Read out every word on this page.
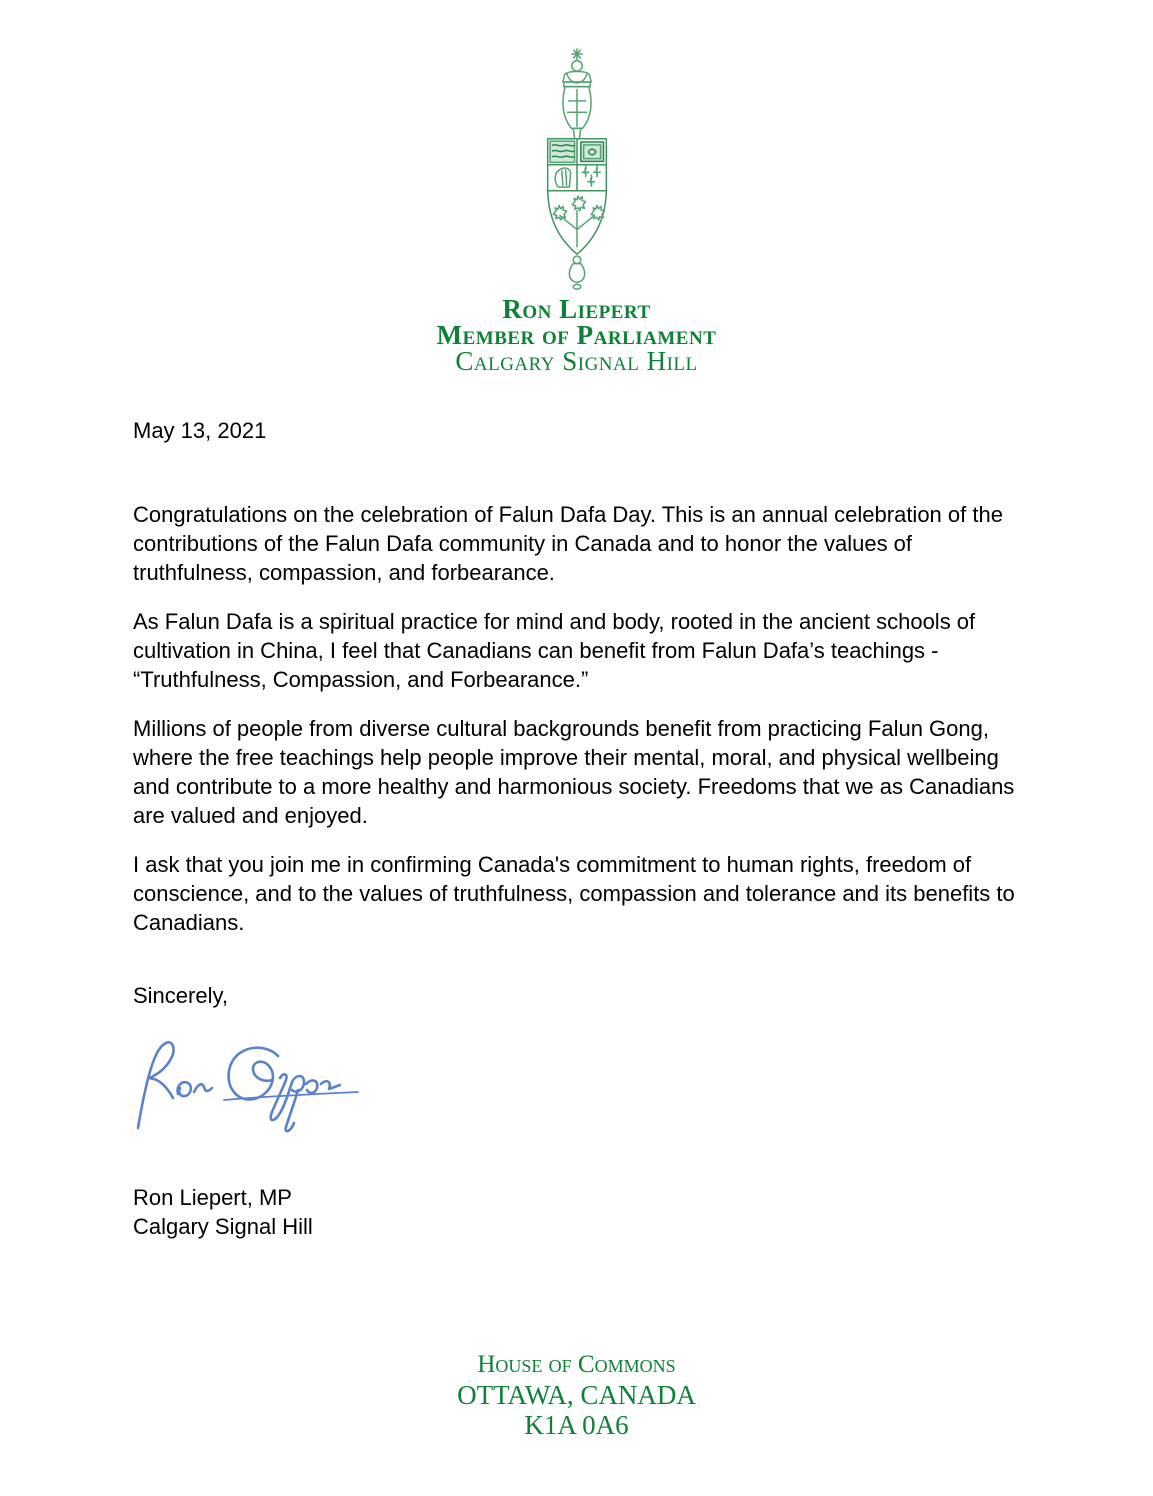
Ron Liepert
Member of Parliament
Calgary Signal Hill
May 13, 2021

Congratulations on the celebration of Falun Dafa Day. This is an annual celebration of the contributions of the Falun Dafa community in Canada and to honor the values of truthfulness, compassion, and forbearance.

As Falun Dafa is a spiritual practice for mind and body, rooted in the ancient schools of cultivation in China, I feel that Canadians can benefit from Falun Dafa’s teachings - “Truthfulness, Compassion, and Forbearance.”

Millions of people from diverse cultural backgrounds benefit from practicing Falun Gong, where the free teachings help people improve their mental, moral, and physical wellbeing and contribute to a more healthy and harmonious society. Freedoms that we as Canadians are valued and enjoyed.

I ask that you join me in confirming Canada's commitment to human rights, freedom of conscience, and to the values of truthfulness, compassion and tolerance and its benefits to Canadians.

Sincerely,
Ron Liepert, MP
Calgary Signal Hill
House of Commons
OTTAWA, CANADA
K1A 0A6
